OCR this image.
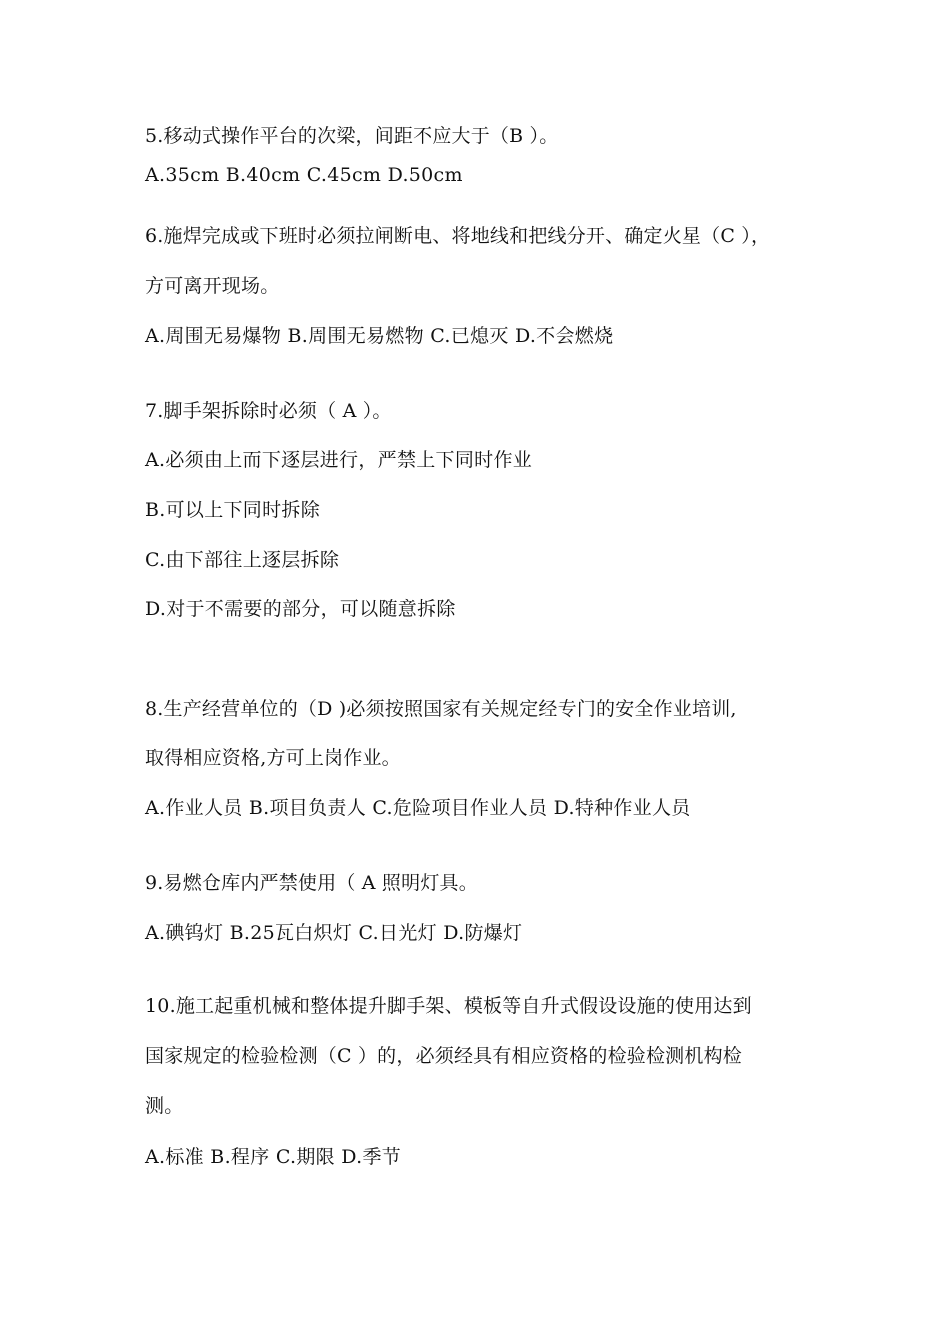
5.移动式操作平台的次梁，间距不应大于（B ）。
A.35cm B.40cm C.45cm D.50cm
6.施焊完成或下班时必须拉闸断电、将地线和把线分开、确定火星（C ），
方可离开现场。
A.周围无易爆物 B.周围无易燃物 C.已熄灭 D.不会燃烧
7.脚手架拆除时必须（ A ）。
A.必须由上而下逐层进行，严禁上下同时作业
B.可以上下同时拆除
C.由下部往上逐层拆除
D.对于不需要的部分，可以随意拆除
8.生产经营单位的（D )必须按照国家有关规定经专门的安全作业培训,
取得相应资格,方可上岗作业。
A.作业人员 B.项目负责人 C.危险项目作业人员 D.特种作业人员
9.易燃仓库内严禁使用（ A 照明灯具。
A.碘钨灯 B.25瓦白炽灯 C.日光灯 D.防爆灯
10.施工起重机械和整体提升脚手架、模板等自升式假设设施的使用达到
国家规定的检验检测（C ）的，必须经具有相应资格的检验检测机构检
测。
A.标准 B.程序 C.期限 D.季节
